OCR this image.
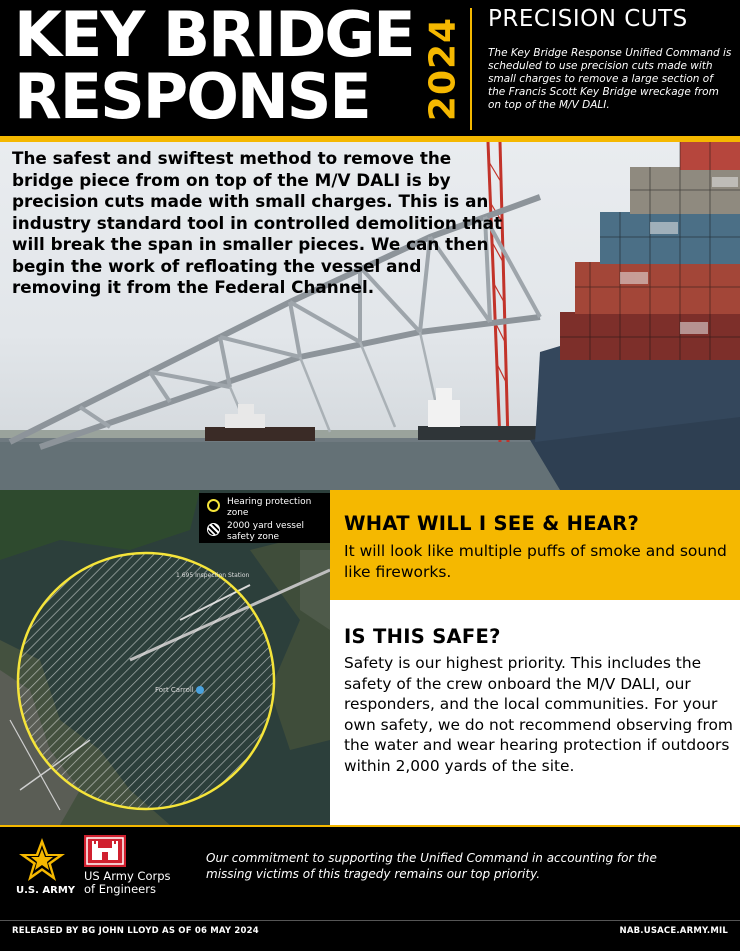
KEY BRIDGE
RESPONSE	2024 PRECISION CUTS
The Key Bridge Response Unified Command is scheduled to use precision cuts made with small charges to remove a large section of the Francis Scott Key Bridge wreckage from on top of the M/V DALI.
The safest and swiftest method to remove the bridge piece from on top of the M/V DALI is by precision cuts made with small charges. This is an industry standard tool in controlled demolition that will break the span in smaller pieces. We can then begin the work of refloating the vessel and removing it from the Federal Channel.
1 695 Inspection Station
Fort Carroll
Hearing protection zone
2000 yard vessel safety zone
WHAT WILL I SEE & HEAR?
It will look like multiple puffs of smoke and sound like fireworks.
IS THIS SAFE?
Safety is our highest priority. This includes the safety of the crew onboard the M/V DALI, our responders, and the local communities. For your own safety, we do not recommend observing from the water and wear hearing protection if outdoors within 2,000 yards of the site.
U.S. ARMY
US Army Corps
of Engineers
Our commitment to supporting the Unified Command in accounting for the missing victims of this tragedy remains our top priority.
RELEASED BY BG JOHN LLOYD AS OF 06 MAY 2024	NAB.USACE.ARMY.MIL
